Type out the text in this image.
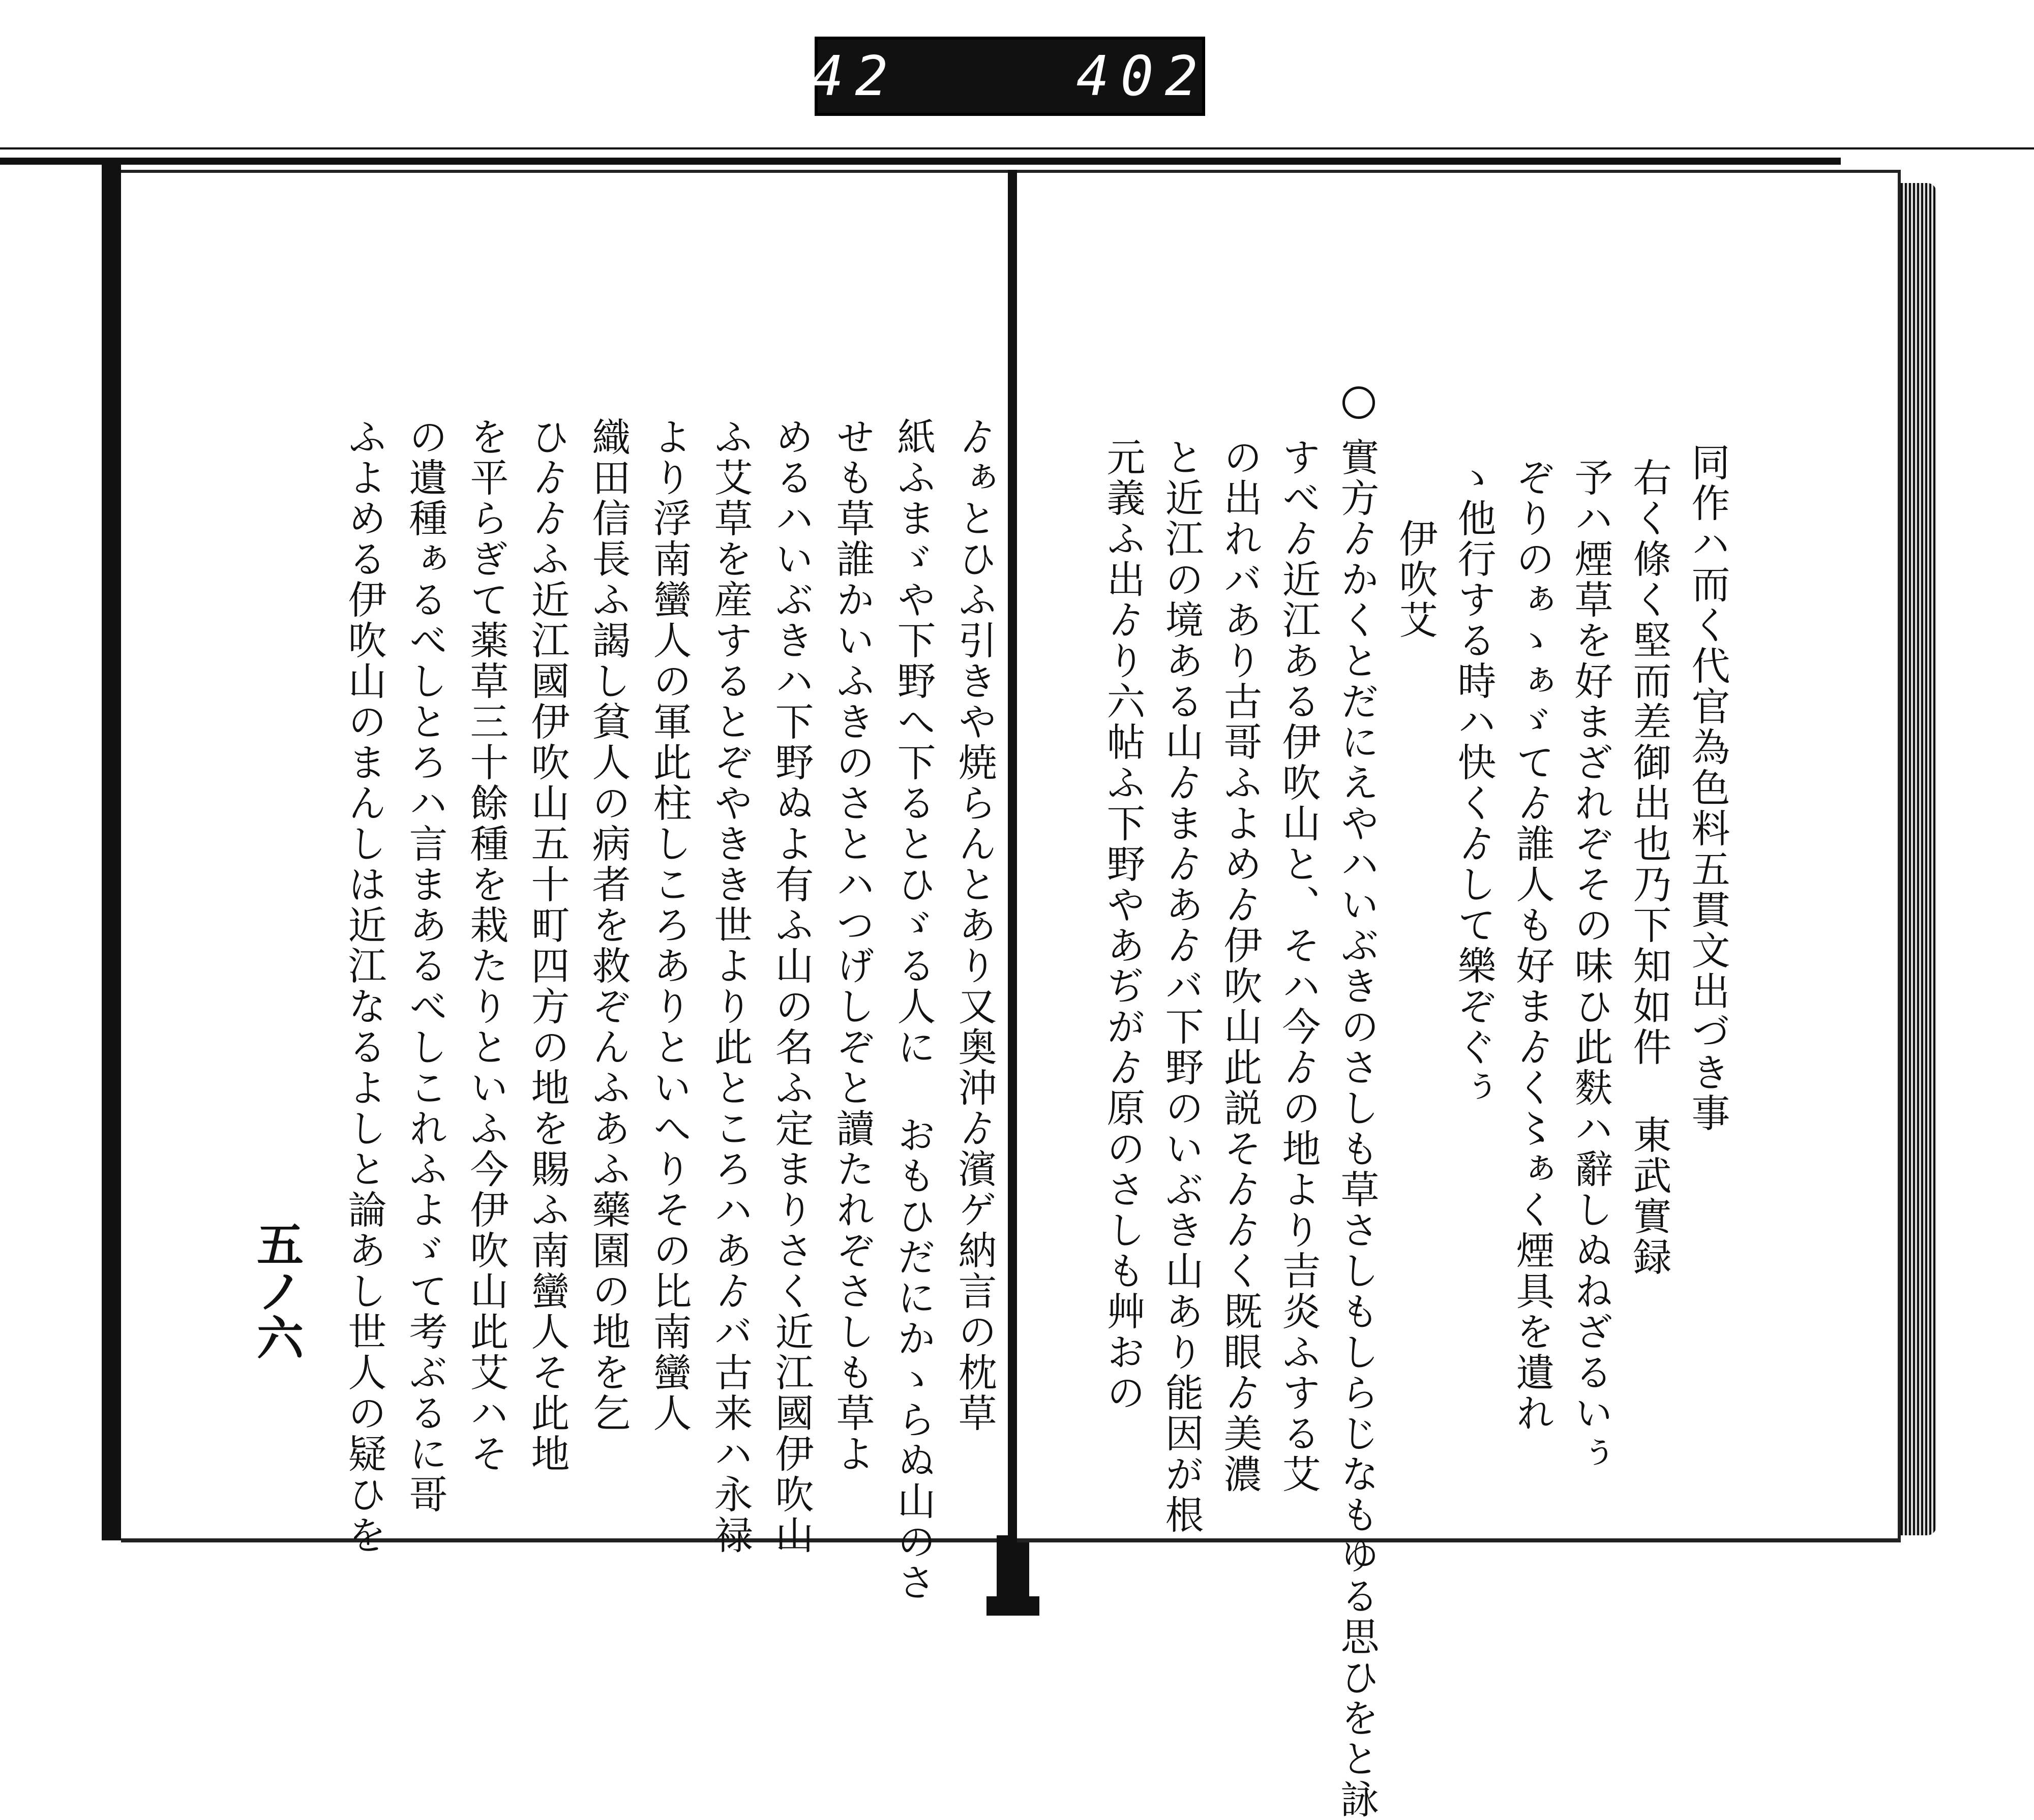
442    402.
ゟぁとひふ引きや焼らんとあり又奥沖ゟ濱ゲ納言の枕草
紙ふまゞや下野へ下るとひゞる人に おもひだにかゝらぬ山のさ
せも草誰かいふきのさとハつげしぞと讀たれぞさしも草よ
めるハいぶきハ下野ぬよ有ふ山の名ふ定まりさく近江國伊吹山
ふ艾草を産するとぞやきき世より此ところハあゟバ古来ハ永禄
より浮南蠻人の軍此柱しころありといへりその比南蠻人
織田信長ふ謁し貧人の病者を救ぞんふあふ藥園の地を乞
ひゟゟふ近江國伊吹山五十町四方の地を賜ふ南蠻人そ此地
を平らぎて薬草三十餘種を栽たりといふ今伊吹山此艾ハそ
の遺種ぁるべしとろハ言まあるべしこれふよゞて考ぶるに哥
ふよめる伊吹山のまんしは近江なるよしと論あし世人の疑ひを
五ノ六
同作ハ而く代官為色料五貫文出づき事
右く條く堅而差御出也乃下知如件 東武實録
予ハ煙草を好まざれぞその味ひ此麩ハ辭しぬねざるいぅ
ぞりのぁゝぁゞてゟ誰人も好まゟく〻ぁく煙具を遺れ
ゝ他行する時ハ快くゟして樂ぞぐぅ
伊吹艾
實方ゟかくとだにえやハいぶきのさしも草さしもしらじなもゆる思ひをと詠
すべゟ近江ある伊吹山と、そハ今ゟの地より吉炎ふする艾
の出れバあり古哥ふよめゟ伊吹山此説そゟゟく既眼ゟ美濃
と近江の境ある山ゟまゟあゟバ下野のいぶき山あり能因が根
元義ふ出ゟり六帖ふ下野やあぢがゟ原のさしも艸おの
